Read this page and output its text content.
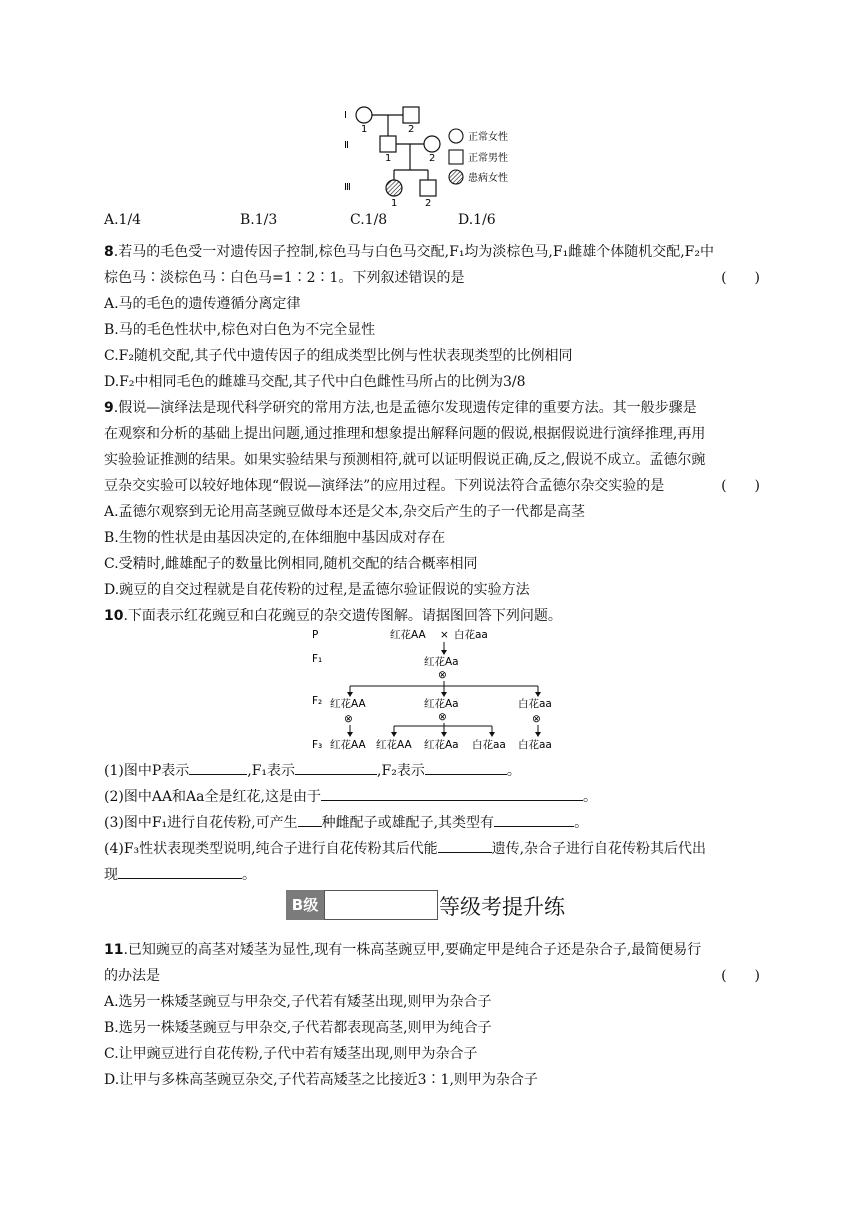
Ⅰ
Ⅱ
Ⅲ
1	2
1	2
1	2
正常女性
正常男性
患病女性
A.1/4	B.1/3	C.1/8	D.1/6
8.若马的毛色受一对遗传因子控制,棕色马与白色马交配,F₁均为淡棕色马,F₁雌雄个体随机交配,F₂中
棕色马∶淡棕色马∶白色马=1∶2∶1。下列叙述错误的是	(　　)
A.马的毛色的遗传遵循分离定律
B.马的毛色性状中,棕色对白色为不完全显性
C.F₂随机交配,其子代中遗传因子的组成类型比例与性状表现类型的比例相同
D.F₂中相同毛色的雌雄马交配,其子代中白色雌性马所占的比例为3/8
9.假说—演绎法是现代科学研究的常用方法,也是孟德尔发现遗传定律的重要方法。其一般步骤是
在观察和分析的基础上提出问题,通过推理和想象提出解释问题的假说,根据假说进行演绎推理,再用
实验验证推测的结果。如果实验结果与预测相符,就可以证明假说正确,反之,假说不成立。孟德尔豌
豆杂交实验可以较好地体现“假说—演绎法”的应用过程。下列说法符合孟德尔杂交实验的是	(　　)
A.孟德尔观察到无论用高茎豌豆做母本还是父本,杂交后产生的子一代都是高茎
B.生物的性状是由基因决定的,在体细胞中基因成对存在
C.受精时,雌雄配子的数量比例相同,随机交配的结合概率相同
D.豌豆的自交过程就是自花传粉的过程,是孟德尔验证假说的实验方法
10.下面表示红花豌豆和白花豌豆的杂交遗传图解。请据图回答下列问题。
P
F₁
F₂
F₃
红花AA × 白花aa
红花Aa
⊗
红花AA	红花Aa	白花aa
⊗	⊗	⊗
红花AA 红花AA 红花Aa 白花aa 白花aa
(1)图中P表示	,F₁表示	,F₂表示	。
(2)图中AA和Aa全是红花,这是由于	。
(3)图中F₁进行自花传粉,可产生 种雌配子或雄配子,其类型有	。
(4)F₃性状表现类型说明,纯合子进行自花传粉其后代能	遗传,杂合子进行自花传粉其后代出
现	。
B级	等级考提升练
11.已知豌豆的高茎对矮茎为显性,现有一株高茎豌豆甲,要确定甲是纯合子还是杂合子,最简便易行
的办法是	(　　)
A.选另一株矮茎豌豆与甲杂交,子代若有矮茎出现,则甲为杂合子
B.选另一株矮茎豌豆与甲杂交,子代若都表现高茎,则甲为纯合子
C.让甲豌豆进行自花传粉,子代中若有矮茎出现,则甲为杂合子
D.让甲与多株高茎豌豆杂交,子代若高矮茎之比接近3∶1,则甲为杂合子
